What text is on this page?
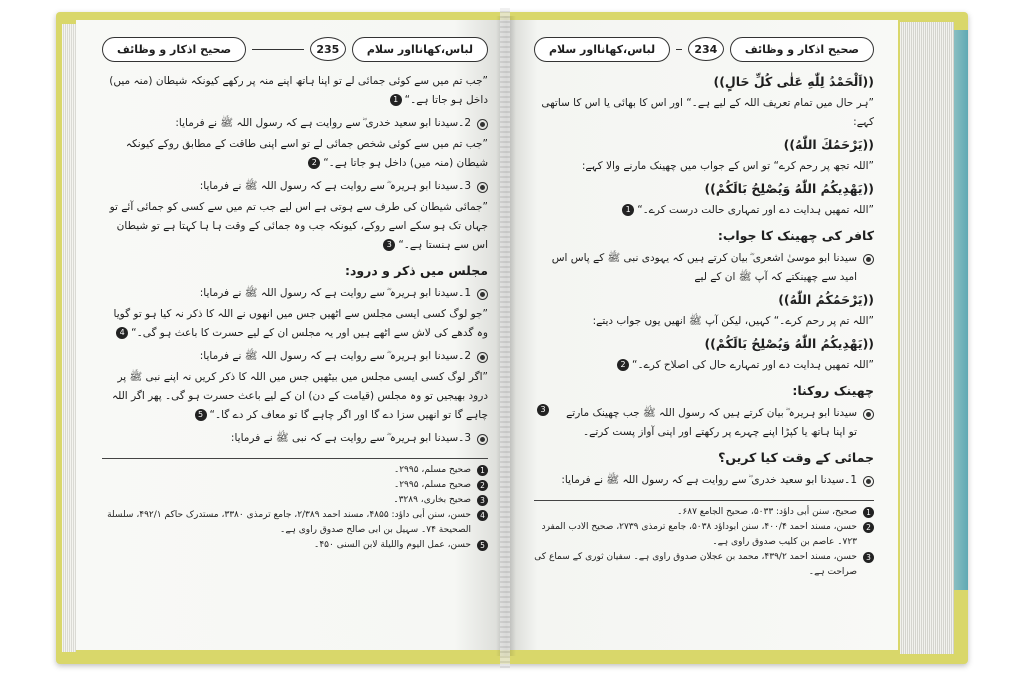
لباس،کھانااور سلام
235
صحیح اذکار و وظائف
”جب تم میں سے کوئی جمائی لے تو اپنا ہاتھ اپنے منہ پر رکھے کیونکہ شیطان (منہ میں) داخل ہو جاتا ہے۔“1
2۔سیدنا ابو سعید خدری ؓ سے روایت ہے کہ رسول اللہ ﷺ نے فرمایا:
”جب تم میں سے کوئی شخص جمائی لے تو اسے اپنی طاقت کے مطابق روکے کیونکہ شیطان (منہ میں) داخل ہو جاتا ہے۔“2
3۔سیدنا ابو ہریرہ ؓ سے روایت ہے کہ رسول اللہ ﷺ نے فرمایا:
”جمائی شیطان کی طرف سے ہوتی ہے اس لیے جب تم میں سے کسی کو جمائی آئے تو جہاں تک ہو سکے اسے روکے، کیونکہ جب وہ جمائی کے وقت ہا ہا کہتا ہے تو شیطان اس سے ہنستا ہے۔“3
مجلس میں ذکر و درود:
1۔سیدنا ابو ہریرہ ؓ سے روایت ہے کہ رسول اللہ ﷺ نے فرمایا:
”جو لوگ کسی ایسی مجلس سے اٹھیں جس میں انھوں نے اللہ کا ذکر نہ کیا ہو تو گویا وہ گدھے کی لاش سے اٹھے ہیں اور یہ مجلس ان کے لیے حسرت کا باعث ہو گی۔“4
2۔سیدنا ابو ہریرہ ؓ سے روایت ہے کہ رسول اللہ ﷺ نے فرمایا:
”اگر لوگ کسی ایسی مجلس میں بیٹھیں جس میں اللہ کا ذکر کریں نہ اپنے نبی ﷺ پر درود بھیجیں تو وہ مجلس (قیامت کے دن) ان کے لیے باعث حسرت ہو گی۔ پھر اگر اللہ چاہے گا تو انھیں سزا دے گا اور اگر چاہے گا تو معاف کر دے گا۔“5
3۔سیدنا ابو ہریرہ ؓ سے روایت ہے کہ نبی ﷺ نے فرمایا:
1
صحیح مسلم، ۲۹۹۵۔
2
صحیح مسلم، ۲۹۹۵۔
3
صحیح بخاری، ۳۲۸۹۔
4
حسن، سنن أبی داؤد: ۴۸۵۵، مسند احمد ۲/۳۸۹، جامع ترمذی ۳۳۸۰، مستدرک حاکم ۴۹۲/۱، سلسلة الصحيحة ۷۴۔ سہیل بن ابی صالح صدوق راوی ہے۔
5
حسن، عمل الیوم واللیلة لابن السنی ۴۵۰۔
صحیح اذکار و وظائف
234
لباس،کھانااور سلام
((اَلْحَمْدُ لِلّٰهِ عَلٰی كُلِّ حَالٍ))
”ہر حال میں تمام تعریف اللہ کے لیے ہے۔“ اور اس کا بھائی یا اس کا ساتھی کہے:
((يَرْحَمُكَ اللّٰهُ))
”اللہ تجھ پر رحم کرے“ تو اس کے جواب میں چھینک مارنے والا کہے:
((يَهْدِيكُمُ اللّٰهُ وَيُصْلِحُ بَالَكُمْ))
”اللہ تمھیں ہدایت دے اور تمہاری حالت درست کرے۔“1
کافر کی چھینک کا جواب:
سیدنا ابو موسیٰ اشعری ؓ بیان کرتے ہیں کہ یہودی نبی ﷺ کے پاس اس امید سے چھینکتے کہ آپ ﷺ ان کے لیے
((يَرْحَمُكُمُ اللّٰهُ))
”اللہ تم پر رحم کرے۔“ کہیں، لیکن آپ ﷺ انھیں یوں جواب دیتے:
((يَهْدِيكُمُ اللّٰهُ وَيُصْلِحُ بَالَكُمْ))
”اللہ تمھیں ہدایت دے اور تمہارے حال کی اصلاح کرے۔“2
چھینک روکنا:
سیدنا ابو ہریرہ ؓ بیان کرتے ہیں کہ رسول اللہ ﷺ جب چھینک مارتے تو اپنا ہاتھ یا کپڑا اپنے چہرے پر رکھتے اور اپنی آواز پست کرتے۔
3
جمائی کے وقت کیا کریں؟
1۔سیدنا ابو سعید خدری ؓ سے روایت ہے کہ رسول اللہ ﷺ نے فرمایا:
1
صحیح، سنن أبی داؤد: ۵۰۳۳، صحیح الجامع ۶۸۷۔
2
حسن، مسند احمد ۴۰۰/۴، سنن ابوداؤد ۵۰۳۸، جامع ترمذی ۲۷۳۹، صحیح الادب المفرد ۷۲۳۔ عاصم بن کلیب صدوق راوی ہے۔
3
حسن، مسند احمد ۴۳۹/۲، محمد بن عجلان صدوق راوی ہے۔ سفیان ثوری کے سماع کی صراحت ہے۔
